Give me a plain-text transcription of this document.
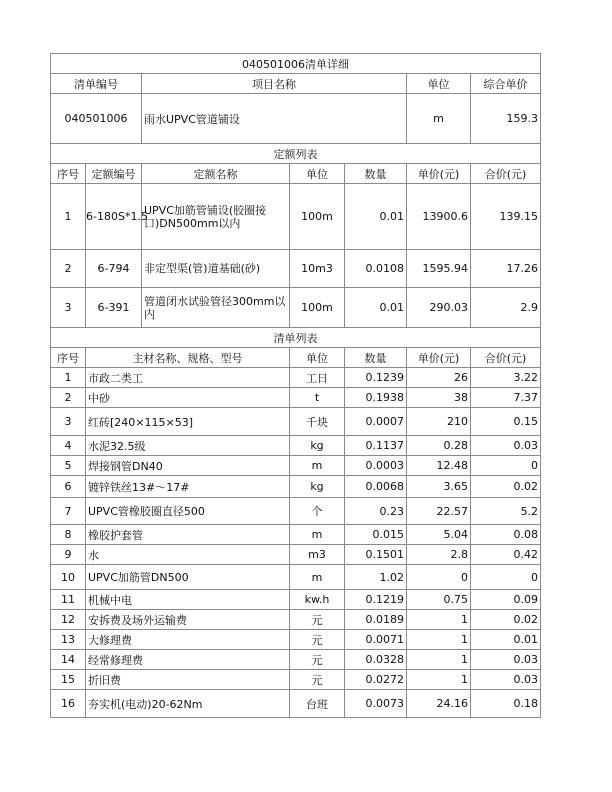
040501006清单详细						
清单编号		项目名称			单位	综合单价
040501006		雨水UPVC管道铺设			m	159.3
定额列表						
序号	定额编号	定额名称	单位	数量	单价(元)	合价(元)
1	6-180S*1.5	UPVC加筋管铺设(胶圈接口)DN500mm以内	100m	0.01	13900.6	139.15
2	6-794	非定型渠(管)道基础(砂)	10m3	0.0108	1595.94	17.26
3	6-391	管道闭水试验管径300mm以内	100m	0.01	290.03	2.9
清单列表						
序号	主材名称、规格、型号		单位	数量	单价(元)	合价(元)
1	市政二类工		工日	0.1239	26	3.22
2	中砂		t	0.1938	38	7.37
3	红砖[240×115×53]		千块	0.0007	210	0.15
4	水泥32.5级		kg	0.1137	0.28	0.03
5	焊接钢管DN40		m	0.0003	12.48	0
6	镀锌铁丝13#～17#		kg	0.0068	3.65	0.02
7	UPVC管橡胶圈直径500		个	0.23	22.57	5.2
8	橡胶护套管		m	0.015	5.04	0.08
9	水		m3	0.1501	2.8	0.42
10	UPVC加筋管DN500		m	1.02	0	0
11	机械中电		kw.h	0.1219	0.75	0.09
12	安拆费及场外运输费		元	0.0189	1	0.02
13	大修理费		元	0.0071	1	0.01
14	经常修理费		元	0.0328	1	0.03
15	折旧费		元	0.0272	1	0.03
16	夯实机(电动)20-62Nm		台班	0.0073	24.16	0.18
